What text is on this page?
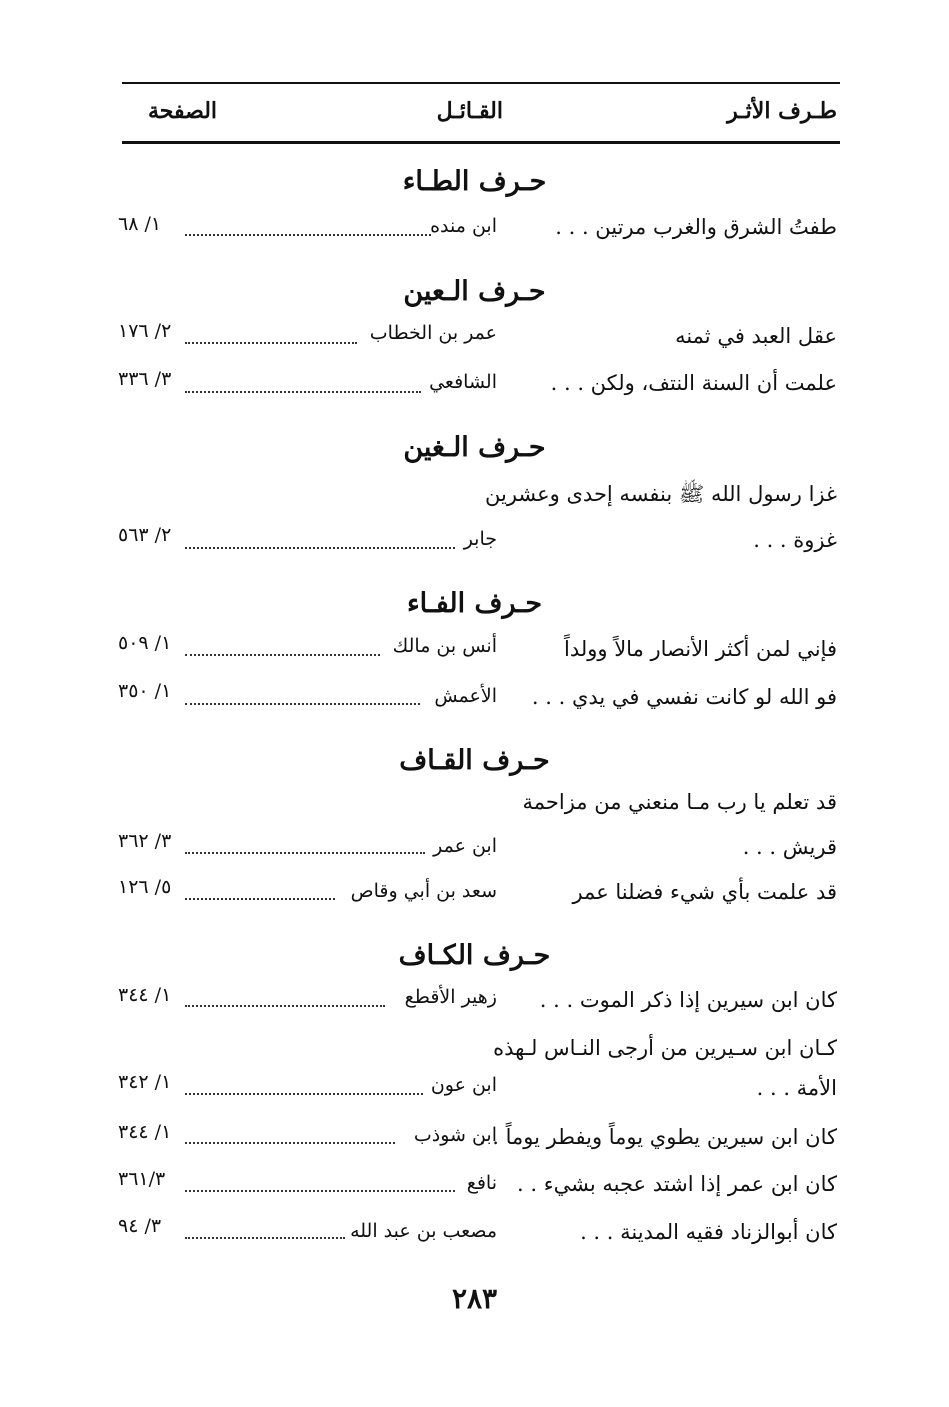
طـرف الأثـر
القـائـل
الصفحة
حـرف الطـاء
طفتُ الشرق والغرب مرتين . . .
ابن منده
١/ ٦٨
حـرف الـعين
عقل العبد في ثمنه
عمر بن الخطاب
٢/ ١٧٦
علمت أن السنة النتف، ولكن . . .
الشافعي
٣/ ٣٣٦
حـرف الـغين
غزا رسول الله ﷺ بنفسه إحدى وعشرين
غزوة . . .
جابر
٢/ ٥٦٣
حـرف الفـاء
فإني لمن أكثر الأنصار مالاً وولداً
أنس بن مالك
١/ ٥٠٩
فو الله لو كانت نفسي في يدي . . .
الأعمش
١/ ٣٥٠
حـرف القـاف
قد تعلم يا رب مـا منعني من مزاحمة
قريش . . .
ابن عمر
٣/ ٣٦٢
قد علمت بأي شيء فضلنا عمر
سعد بن أبي وقاص
٥/ ١٢٦
حـرف الكـاف
كان ابن سيرين إذا ذكر الموت . . .
زهير الأقطع
١/ ٣٤٤
كـان ابن سـيرين من أرجى النـاس لـهذه
الأمة . . .
ابن عون
١/ ٣٤٢
كان ابن سيرين يطوي يوماً ويفطر يوماً . .
ابن شوذب
١/ ٣٤٤
كان ابن عمر إذا اشتد عجبه بشيء . .
نافع
٣٦١/٣
كان أبوالزناد فقيه المدينة . . .
مصعب بن عبد الله
٣/ ٩٤
٢٨٣
